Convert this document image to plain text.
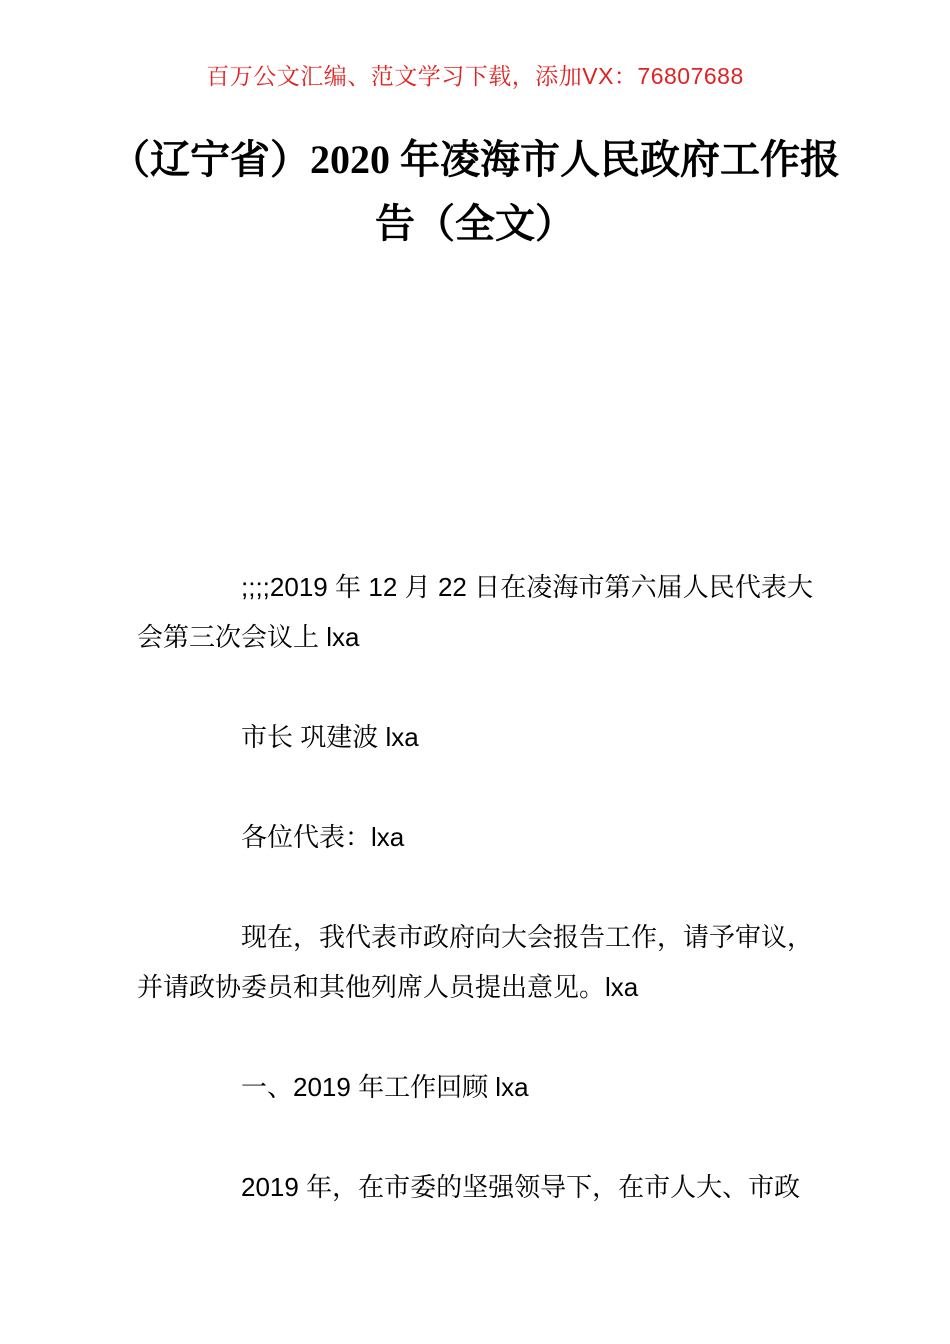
百万公文汇编、范文学习下载，添加VX：76807688
（辽宁省）2020 年凌海市人民政府工作报告（全文）

;;;;2019 年 12 月 22 日在凌海市第六届人民代表大会第三次会议上 lxa

市长 巩建波 lxa

各位代表：lxa

现在，我代表市政府向大会报告工作，请予审议，并请政协委员和其他列席人员提出意见。lxa

一、2019 年工作回顾 lxa

2019 年，在市委的坚强领导下，在市人大、市政
